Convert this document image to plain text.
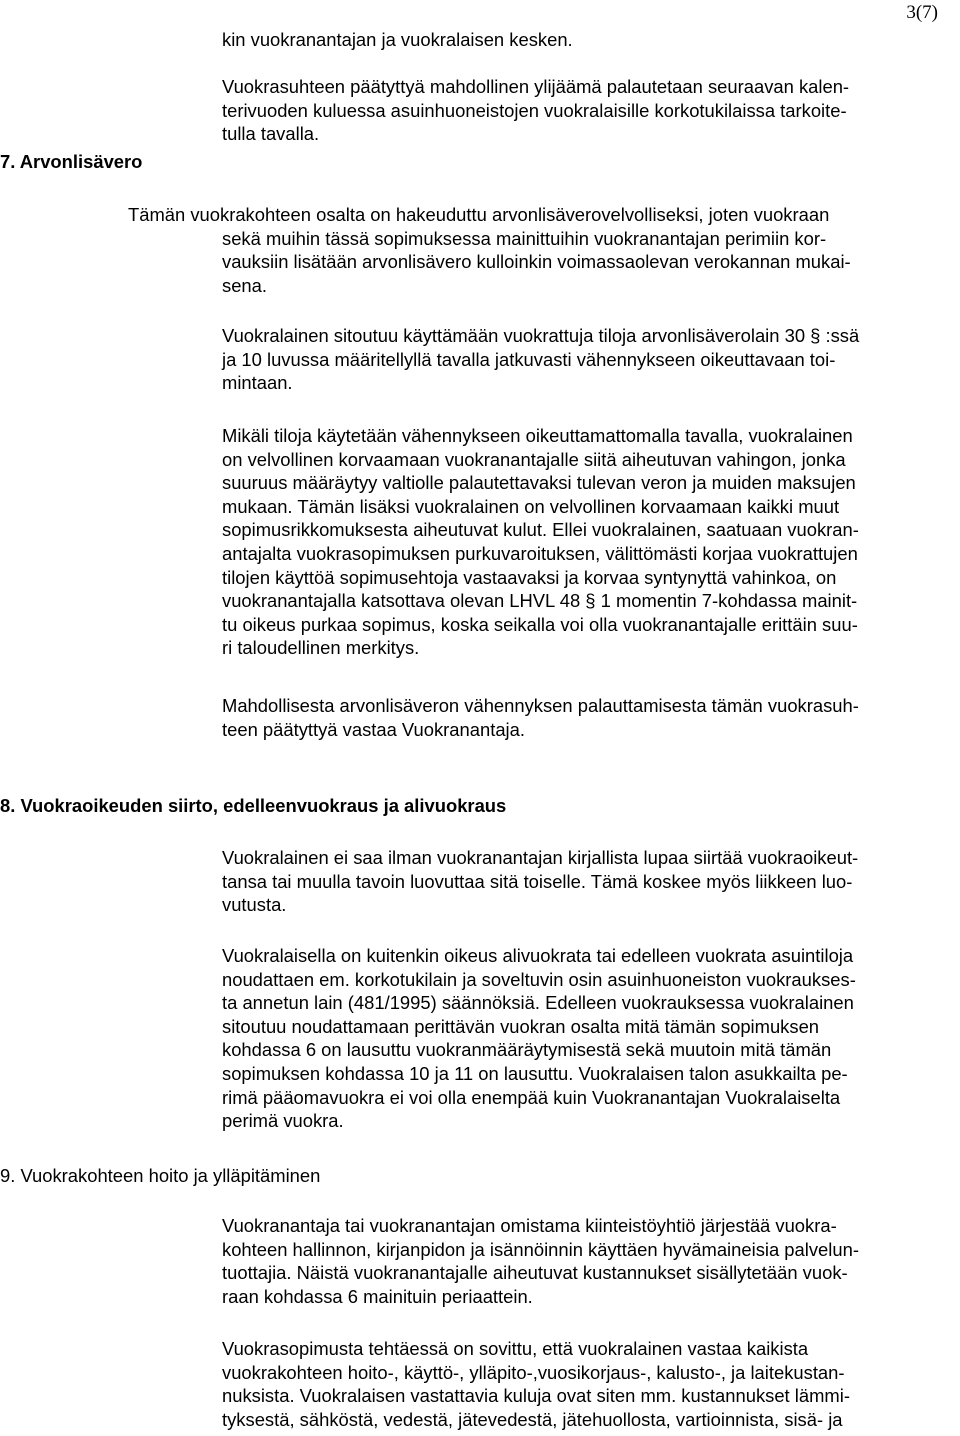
3(7)
kin vuokranantajan ja vuokralaisen kesken.
Vuokrasuhteen päätyttyä mahdollinen ylijäämä palautetaan seuraavan kalen-
terivuoden kuluessa asuinhuoneistojen vuokralaisille korkotukilaissa tarkoite-
tulla tavalla.
7. Arvonlisävero
Tämän vuokrakohteen osalta on hakeuduttu arvonlisäverovelvolliseksi, joten vuokraan
sekä muihin tässä sopimuksessa mainittuihin vuokranantajan perimiin kor-
vauksiin lisätään arvonlisävero kulloinkin voimassaolevan verokannan mukai-
sena.
Vuokralainen sitoutuu käyttämään vuokrattuja tiloja arvonlisäverolain 30 § :ssä
ja 10 luvussa määritellyllä tavalla jatkuvasti vähennykseen oikeuttavaan toi-
mintaan.
Mikäli tiloja käytetään vähennykseen oikeuttamattomalla tavalla, vuokralainen
on velvollinen korvaamaan vuokranantajalle siitä aiheutuvan vahingon, jonka
suuruus määräytyy valtiolle palautettavaksi tulevan veron ja muiden maksujen
mukaan. Tämän lisäksi vuokralainen on velvollinen korvaamaan kaikki muut
sopimusrikkomuksesta aiheutuvat kulut. Ellei vuokralainen, saatuaan vuokran-
antajalta vuokrasopimuksen purkuvaroituksen, välittömästi korjaa vuokrattujen
tilojen käyttöä sopimusehtoja vastaavaksi ja korvaa syntynyttä vahinkoa, on
vuokranantajalla katsottava olevan LHVL 48 § 1 momentin 7-kohdassa mainit-
tu oikeus purkaa sopimus, koska seikalla voi olla vuokranantajalle erittäin suu-
ri taloudellinen merkitys.
Mahdollisesta arvonlisäveron vähennyksen palauttamisesta tämän vuokrasuh-
teen päätyttyä vastaa Vuokranantaja.
8. Vuokraoikeuden siirto, edelleenvuokraus ja alivuokraus
Vuokralainen ei saa ilman vuokranantajan kirjallista lupaa siirtää vuokraoikeut-
tansa tai muulla tavoin luovuttaa sitä toiselle. Tämä koskee myös liikkeen luo-
vutusta.
Vuokralaisella on kuitenkin oikeus alivuokrata tai edelleen vuokrata asuintiloja
noudattaen em. korkotukilain ja soveltuvin osin asuinhuoneiston vuokraukses-
ta annetun lain (481/1995) säännöksiä. Edelleen vuokrauksessa vuokralainen
sitoutuu noudattamaan perittävän vuokran osalta mitä tämän sopimuksen
kohdassa 6 on lausuttu vuokranmääräytymisestä sekä muutoin mitä tämän
sopimuksen kohdassa 10 ja 11 on lausuttu. Vuokralaisen talon asukkailta pe-
rimä pääomavuokra ei voi olla enempää kuin Vuokranantajan Vuokralaiselta
perimä vuokra.
9. Vuokrakohteen hoito ja ylläpitäminen
Vuokranantaja tai vuokranantajan omistama kiinteistöyhtiö järjestää vuokra-
kohteen hallinnon, kirjanpidon ja isännöinnin käyttäen hyvämaineisia palvelun-
tuottajia. Näistä vuokranantajalle aiheutuvat kustannukset sisällytetään vuok-
raan kohdassa 6 mainituin periaattein.
Vuokrasopimusta tehtäessä on sovittu, että vuokralainen vastaa kaikista
vuokrakohteen hoito-, käyttö-, ylläpito-,vuosikorjaus-, kalusto-, ja laitekustan-
nuksista. Vuokralaisen vastattavia kuluja ovat siten mm. kustannukset lämmi-
tyksestä, sähköstä, vedestä, jätevedestä, jätehuollosta, vartioinnista, sisä- ja
